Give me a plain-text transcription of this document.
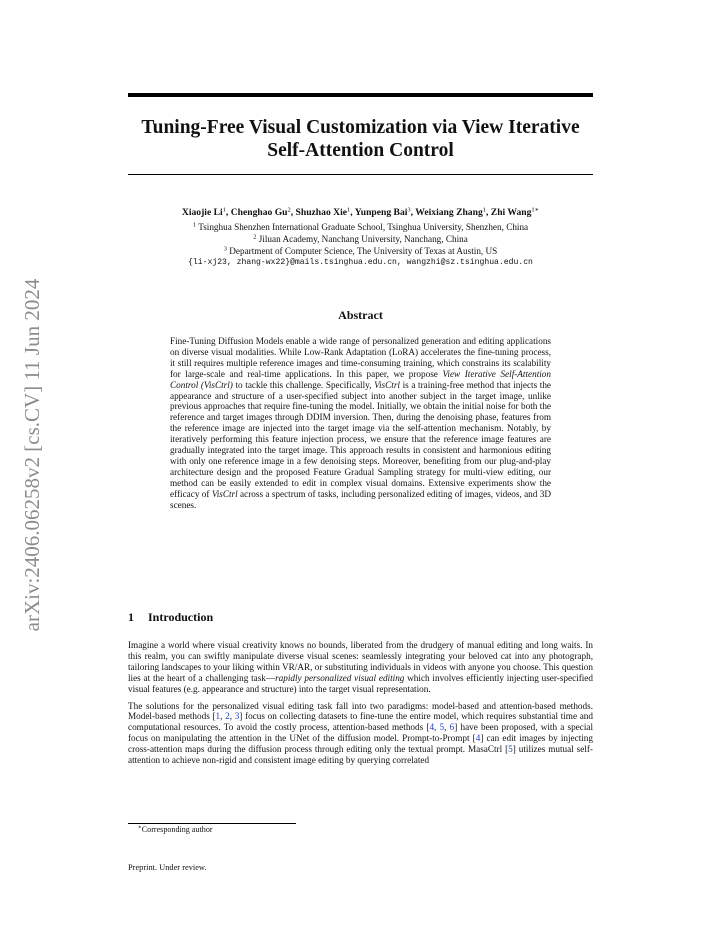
arXiv:2406.06258v2 [cs.CV] 11 Jun 2024
Tuning-Free Visual Customization via View Iterative
Self-Attention Control
Xiaojie Li$^1$, Chenghao Gu$^2$, Shuzhao Xie$^1$, Yunpeng Bai$^3$, Weixiang Zhang$^1$, Zhi Wang$^{1∗}$
$^1$ Tsinghua Shenzhen International Graduate School, Tsinghua University, Shenzhen, China
$^2$ Jiluan Academy, Nanchang University, Nanchang, China
$^3$ Department of Computer Science, The University of Texas at Austin, US
{li-xj23, zhang-wx22}@mails.tsinghua.edu.cn, wangzhi@sz.tsinghua.edu.cn
Abstract

Fine-Tuning Diffusion Models enable a wide range of personalized generation and editing applications on diverse visual modalities. While Low-Rank Adaptation (LoRA) accelerates the fine-tuning process, it still requires multiple reference images and time-consuming training, which constrains its scalability for large-scale and real-time applications. In this paper, we propose View Iterative Self-Attention Control (VisCtrl) to tackle this challenge. Specifically, VisCtrl is a training-free method that injects the appearance and structure of a user-specified subject into another subject in the target image, unlike previous approaches that require fine-tuning the model. Initially, we obtain the initial noise for both the reference and target images through DDIM inversion. Then, during the denoising phase, features from the reference image are injected into the target image via the self-attention mechanism. Notably, by iteratively performing this feature injection process, we ensure that the reference image features are gradually integrated into the target image. This approach results in consistent and harmonious editing with only one reference image in a few denoising steps. Moreover, benefiting from our plug-and-play architecture design and the proposed Feature Gradual Sampling strategy for multi-view editing, our method can be easily extended to edit in complex visual domains. Extensive experiments show the efficacy of VisCtrl across a spectrum of tasks, including personalized editing of images, videos, and 3D scenes.

1 Introduction

Imagine a world where visual creativity knows no bounds, liberated from the drudgery of manual editing and long waits. In this realm, you can swiftly manipulate diverse visual scenes: seamlessly integrating your beloved cat into any photograph, tailoring landscapes to your liking within VR/AR, or substituting individuals in videos with anyone you choose. This question lies at the heart of a challenging task—rapidly personalized visual editing which involves efficiently injecting user-specified visual features (e.g. appearance and structure) into the target visual representation.

The solutions for the personalized visual editing task fall into two paradigms: model-based and attention-based methods. Model-based methods [1, 2, 3] focus on collecting datasets to fine-tune the entire model, which requires substantial time and computational resources. To avoid the costly process, attention-based methods [4, 5, 6] have been proposed, with a special focus on manipulating the attention in the UNet of the diffusion model. Prompt-to-Prompt [4] can edit images by injecting cross-attention maps during the diffusion process through editing only the textual prompt. MasaCtrl [5] utilizes mutual self-attention to achieve non-rigid and consistent image editing by querying correlated

∗Corresponding author

Preprint. Under review.
